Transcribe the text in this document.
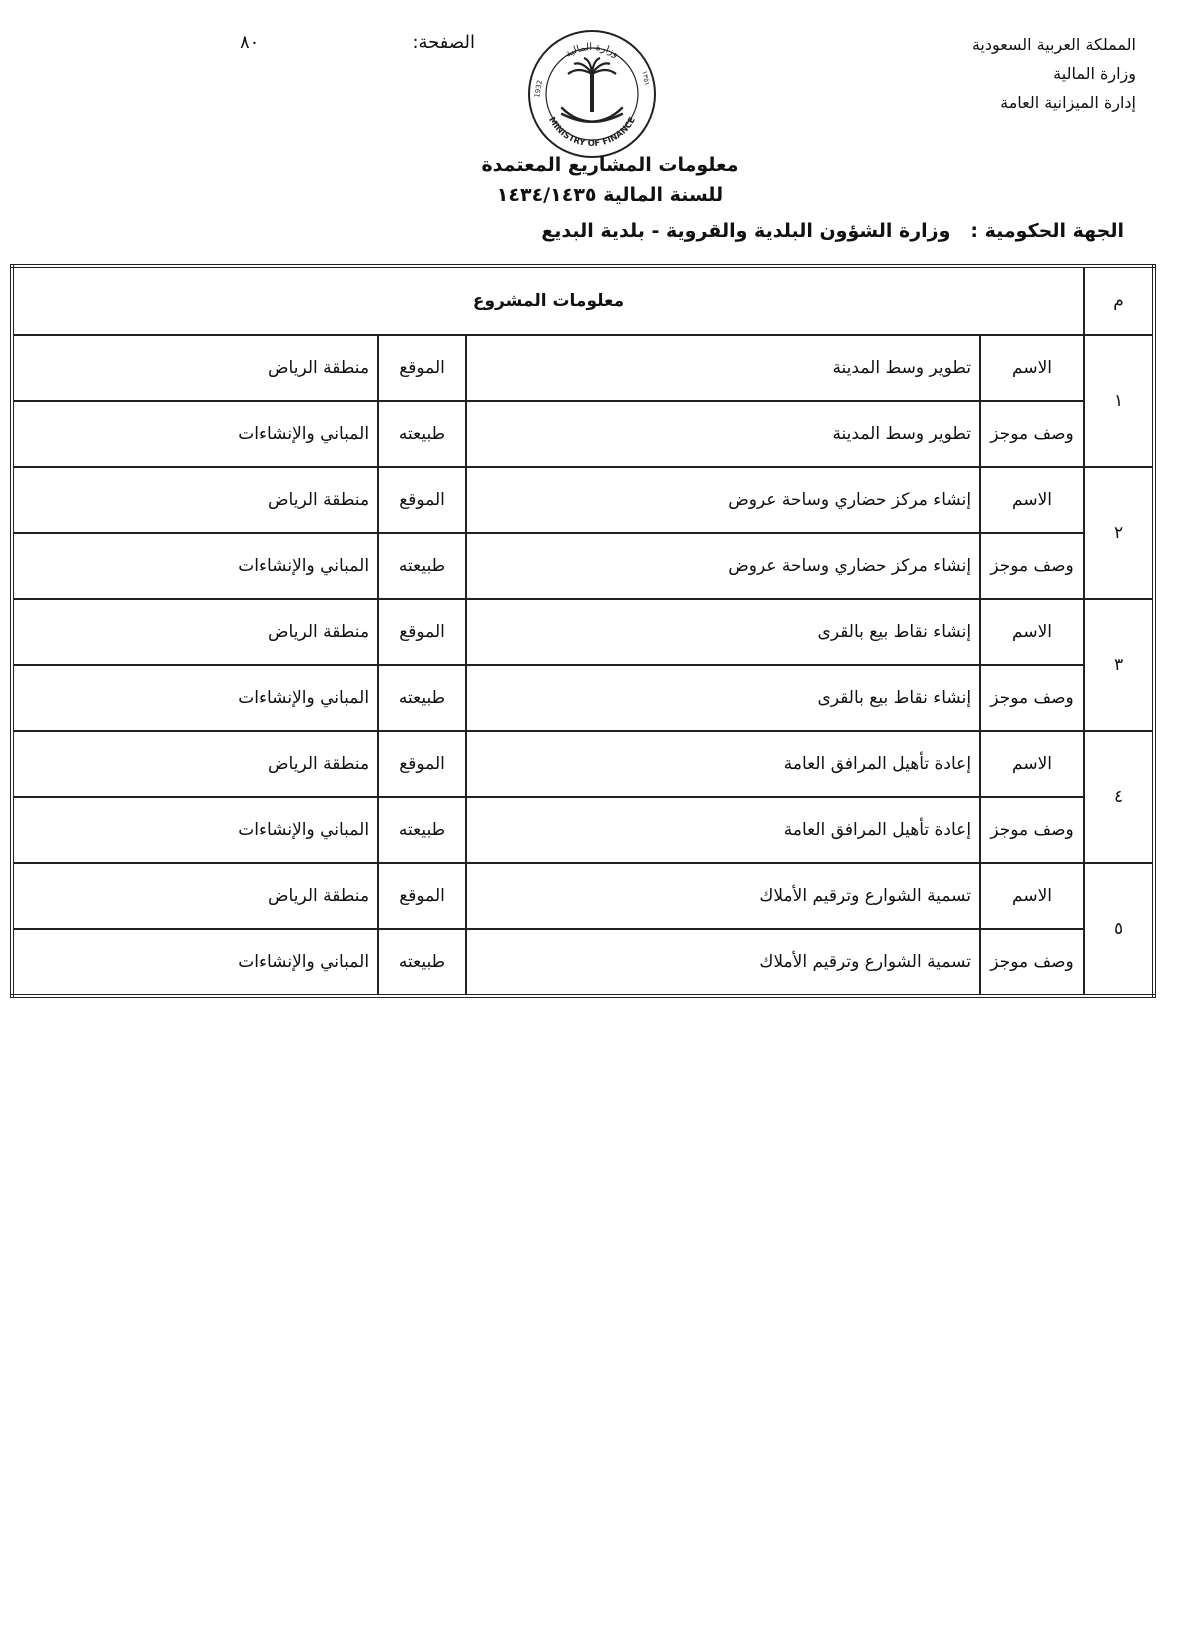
المملكة العربية السعودية
وزارة المالية
إدارة الميزانية العامة
الصفحة:
٨٠
وزارة المالية
MINISTRY OF FINANCE
1932
١٣٥١
معلومات المشاريع المعتمدة
للسنة المالية ١٤٣٤/١٤٣٥
الجهة الحكومية :وزارة الشؤون البلدية والقروية - بلدية البديع
م	معلومات المشروع			
١	الاسم	تطوير وسط المدينة	الموقع	منطقة الرياض
	وصف موجز	تطوير وسط المدينة	طبيعته	المباني والإنشاءات
٢	الاسم	إنشاء مركز حضاري وساحة عروض	الموقع	منطقة الرياض
	وصف موجز	إنشاء مركز حضاري وساحة عروض	طبيعته	المباني والإنشاءات
٣	الاسم	إنشاء نقاط بيع بالقرى	الموقع	منطقة الرياض
	وصف موجز	إنشاء نقاط بيع بالقرى	طبيعته	المباني والإنشاءات
٤	الاسم	إعادة تأهيل المرافق العامة	الموقع	منطقة الرياض
	وصف موجز	إعادة تأهيل المرافق العامة	طبيعته	المباني والإنشاءات
٥	الاسم	تسمية الشوارع وترقيم الأملاك	الموقع	منطقة الرياض
	وصف موجز	تسمية الشوارع وترقيم الأملاك	طبيعته	المباني والإنشاءات
